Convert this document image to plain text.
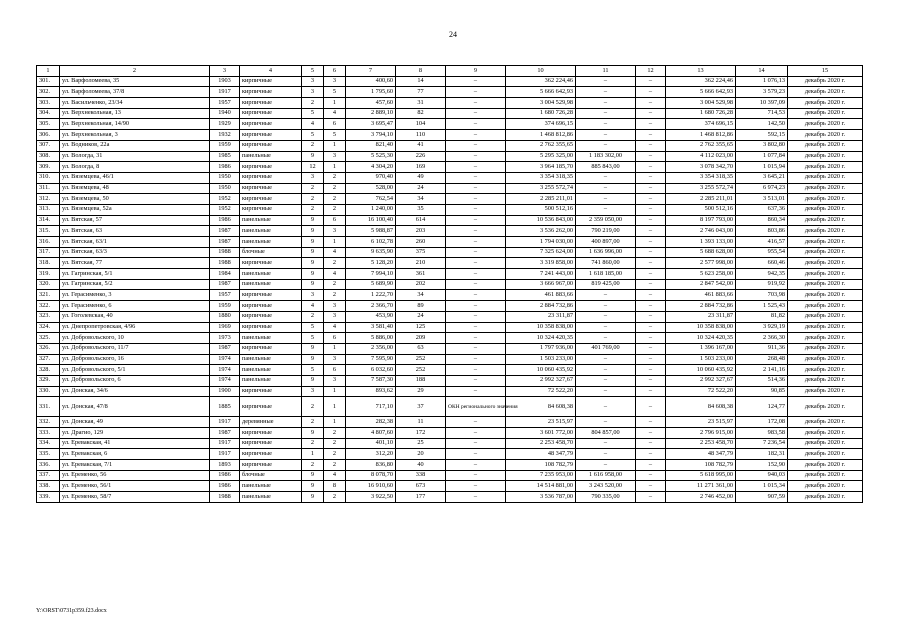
24
1	2	3	4	5	6	7	8	9	10	11	12	13	14	15
301.	ул. Варфоломеева, 35	1903	кирпичные	3	3	400,60	14	–	362 224,46	–	–	362 224,46	1 076,13	декабрь 2020 г.
302.	ул. Варфоломеева, 37/8	1917	кирпичные	3	5	1 795,60	77	–	5 666 642,93	–	–	5 666 642,93	3 579,23	декабрь 2020 г.
303.	ул. Васильченко, 23/34	1957	кирпичные	2	1	457,60	31	–	3 004 529,98	–	–	3 004 529,98	10 397,09	декабрь 2020 г.
304.	ул. Верхнекольная, 13	1940	кирпичные	5	4	2 889,10	82	–	1 680 726,28	–	–	1 680 726,28	714,53	декабрь 2020 г.
305.	ул. Верхнекольная, 14/90	1929	кирпичные	4	6	3 695,47	104	–	374 696,15	–	–	374 696,15	142,50	декабрь 2020 г.
306.	ул. Верхнекольная, 3	1932	кирпичные	5	5	3 794,10	110	–	1 468 812,86	–	–	1 468 812,86	592,15	декабрь 2020 г.
307.	ул. Водников, 22а	1959	кирпичные	2	1	821,40	41	–	2 762 355,65	–	–	2 762 355,65	3 802,80	декабрь 2020 г.
308.	ул. Вологда, 31	1985	панельные	9	3	5 525,30	226	–	5 295 325,00	1 183 302,00	–	4 112 023,00	1 077,84	декабрь 2020 г.
309.	ул. Вологда, 8	1986	кирпичные	12	1	4 304,20	169	–	3 964 185,70	885 843,00	–	3 078 342,70	1 015,94	декабрь 2020 г.
310.	ул. Вяземцева, 46/1	1950	кирпичные	3	2	970,40	49	–	3 354 318,35	–	–	3 354 318,35	3 645,21	декабрь 2020 г.
311.	ул. Вяземцева, 48	1950	кирпичные	2	2	528,00	24	–	3 255 572,74	–	–	3 255 572,74	6 974,23	декабрь 2020 г.
312.	ул. Вяземцева, 50	1952	кирпичные	2	2	762,54	34	–	2 285 211,01	–	–	2 285 211,01	3 513,01	декабрь 2020 г.
313.	ул. Вяземцева, 52а	1952	кирпичные	2	2	1 240,00	35	–	500 512,16	–	–	500 512,16	637,36	декабрь 2020 г.
314.	ул. Вятская, 57	1986	панельные	9	6	16 100,40	614	–	10 536 843,00	2 359 050,00	–	8 197 793,00	860,34	декабрь 2020 г.
315.	ул. Вятская, 63	1987	панельные	9	3	5 988,87	203	–	3 536 262,00	790 219,00	–	2 746 043,00	803,86	декабрь 2020 г.
316.	ул. Вятская, 63/1	1987	панельные	9	1	6 102,78	260	–	1 794 030,00	400 897,00	–	1 393 133,00	416,57	декабрь 2020 г.
317.	ул. Вятская, 63/3	1988	блочные	9	4	9 635,90	375	–	7 325 624,00	1 636 996,00	–	5 688 628,00	955,54	декабрь 2020 г.
318.	ул. Вятская, 77	1988	кирпичные	9	2	5 128,20	210	–	3 319 858,00	741 860,00	–	2 577 998,00	660,46	декабрь 2020 г.
319.	ул. Гагринская, 5/1	1984	панельные	9	4	7 994,10	361	–	7 241 443,00	1 618 185,00	–	5 623 258,00	942,35	декабрь 2020 г.
320.	ул. Гагринская, 5/2	1987	панельные	9	2	5 689,90	202	–	3 666 967,00	819 425,00	–	2 847 542,00	919,92	декабрь 2020 г.
321.	ул. Герасименко, 3	1957	кирпичные	3	2	1 222,70	34	–	461 883,66	–	–	461 883,66	703,98	декабрь 2020 г.
322.	ул. Герасименко, 6	1959	кирпичные	4	3	2 366,70	89	–	2 884 732,86	–	–	2 884 732,86	1 525,43	декабрь 2020 г.
323.	ул. Гоголевская, 40	1880	кирпичные	2	3	453,90	24	–	23 311,87	–	–	23 311,87	81,82	декабрь 2020 г.
324.	ул. Днепропетровская, 4/96	1969	кирпичные	5	4	3 581,40	125	–	10 358 838,00	–	–	10 358 838,00	3 929,19	декабрь 2020 г.
325.	ул. Добровольского, 10	1973	панельные	5	6	5 886,00	209	–	10 324 420,35	–	–	10 324 420,35	2 366,30	декабрь 2020 г.
326.	ул. Добровольского, 11/7	1987	кирпичные	9	1	2 356,00	63	–	1 797 936,00	401 769,00	–	1 396 167,00	911,36	декабрь 2020 г.
327.	ул. Добровольского, 16	1974	панельные	9	3	7 595,90	252	–	1 503 233,00	–	–	1 503 233,00	268,48	декабрь 2020 г.
328.	ул. Добровольского, 5/1	1974	панельные	5	6	6 032,60	252	–	10 060 435,92	–	–	10 060 435,92	2 141,16	декабрь 2020 г.
329.	ул. Добровольского, 6	1974	панельные	9	3	7 587,30	188	–	2 992 327,67	–	–	2 992 327,67	514,36	декабрь 2020 г.
330.	ул. Донская, 34/6	1900	кирпичные	3	1	893,62	29	–	72 522,20	–	–	72 522,20	90,85	декабрь 2020 г.
331.	ул. Донская, 47/8	1885	кирпичные	2	1	717,10	37	ОКН регионального значения	84 608,38	–	–	84 608,38	124,77	декабрь 2020 г.
332.	ул. Донская, 49	1917	деревянные	2	1	282,38	11	–	23 515,97	–	–	23 515,97	172,08	декабрь 2020 г.
333.	ул. Драгио, 129	1987	кирпичные	9	2	4 807,60	172	–	3 601 772,00	804 857,00	–	2 796 915,00	983,58	декабрь 2020 г.
334.	ул. Еревакская, 41	1917	кирпичные	2	2	401,10	25	–	2 253 458,70	–	–	2 253 458,70	7 236,54	декабрь 2020 г.
335.	ул. Еревакская, 6	1917	кирпичные	1	2	312,20	20	–	48 347,79	–	–	48 347,79	182,31	декабрь 2020 г.
336.	ул. Еревакская, 7/1	1893	кирпичные	2	2	836,80	40	–	108 782,79	–	–	108 782,79	152,90	декабрь 2020 г.
337.	ул. Еременко, 56	1986	блочные	9	4	8 078,70	338	–	7 235 953,00	1 616 958,00	–	5 618 995,00	940,03	декабрь 2020 г.
338.	ул. Еременко, 56/1	1986	панельные	9	8	16 910,60	673	–	14 514 881,00	3 243 520,00	–	11 271 361,00	1 015,34	декабрь 2020 г.
339.	ул. Еременко, 58/7	1988	панельные	9	2	3 922,50	177	–	3 536 787,00	790 335,00	–	2 746 452,00	907,59	декабрь 2020 г.
Y:\ORST\0731p359.f23.docx
